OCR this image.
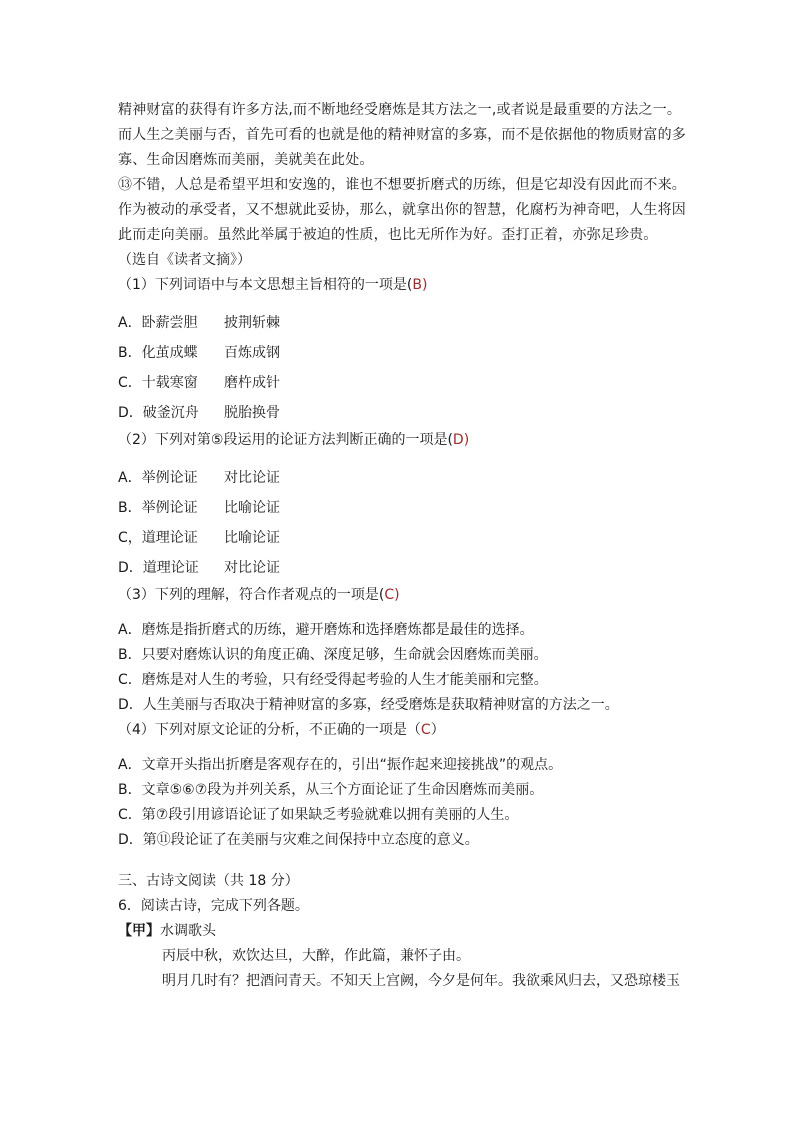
精神财富的获得有许多方法,而不断地经受磨炼是其方法之一,或者说是最重要的方法之一。
而人生之美丽与否，首先可看的也就是他的精神财富的多寡，而不是依据他的物质财富的多
寡、生命因磨炼而美丽，美就美在此处。

⑬不错，人总是希望平坦和安逸的，谁也不想要折磨式的历练，但是它却没有因此而不来。
作为被动的承受者，又不想就此妥协，那么，就拿出你的智慧，化腐朽为神奇吧，人生将因
此而走向美丽。虽然此举属于被迫的性质，也比无所作为好。歪打正着，亦弥足珍贵。

（选自《读者文摘》）

（1）下列词语中与本文思想主旨相符的一项是(B)

A．卧薪尝胆 披荆斩棘
B．化茧成蝶 百炼成钢
C．十载寒窗 磨杵成针
D．破釜沉舟 脱胎换骨

（2）下列对第⑤段运用的论证方法判断正确的一项是(D)

A．举例论证 对比论证
B．举例论证 比喻论证
C，道理论证 比喻论证
D．道理论证 对比论证

（3）下列的理解，符合作者观点的一项是(C)

A．磨炼是指折磨式的历练，避开磨炼和选择磨炼都是最佳的选择。
B．只要对磨炼认识的角度正确、深度足够，生命就会因磨炼而美丽。
C．磨炼是对人生的考验，只有经受得起考验的人生才能美丽和完整。
D．人生美丽与否取决于精神财富的多寡，经受磨炼是获取精神财富的方法之一。

（4）下列对原文论证的分析，不正确的一项是（C）

A．文章开头指出折磨是客观存在的，引出“振作起来迎接挑战”的观点。
B．文章⑤⑥⑦段为并列关系，从三个方面论证了生命因磨炼而美丽。
C．第⑦段引用谚语论证了如果缺乏考验就难以拥有美丽的人生。
D．第⑪段论证了在美丽与灾难之间保持中立态度的意义。

三、古诗文阅读（共 18 分）

6．阅读古诗，完成下列各题。

【甲】水调歌头

丙辰中秋，欢饮达旦，大醉，作此篇，兼怀子由。

明月几时有？把酒问青天。不知天上宫阙，今夕是何年。我欲乘风归去，又恐琼楼玉
